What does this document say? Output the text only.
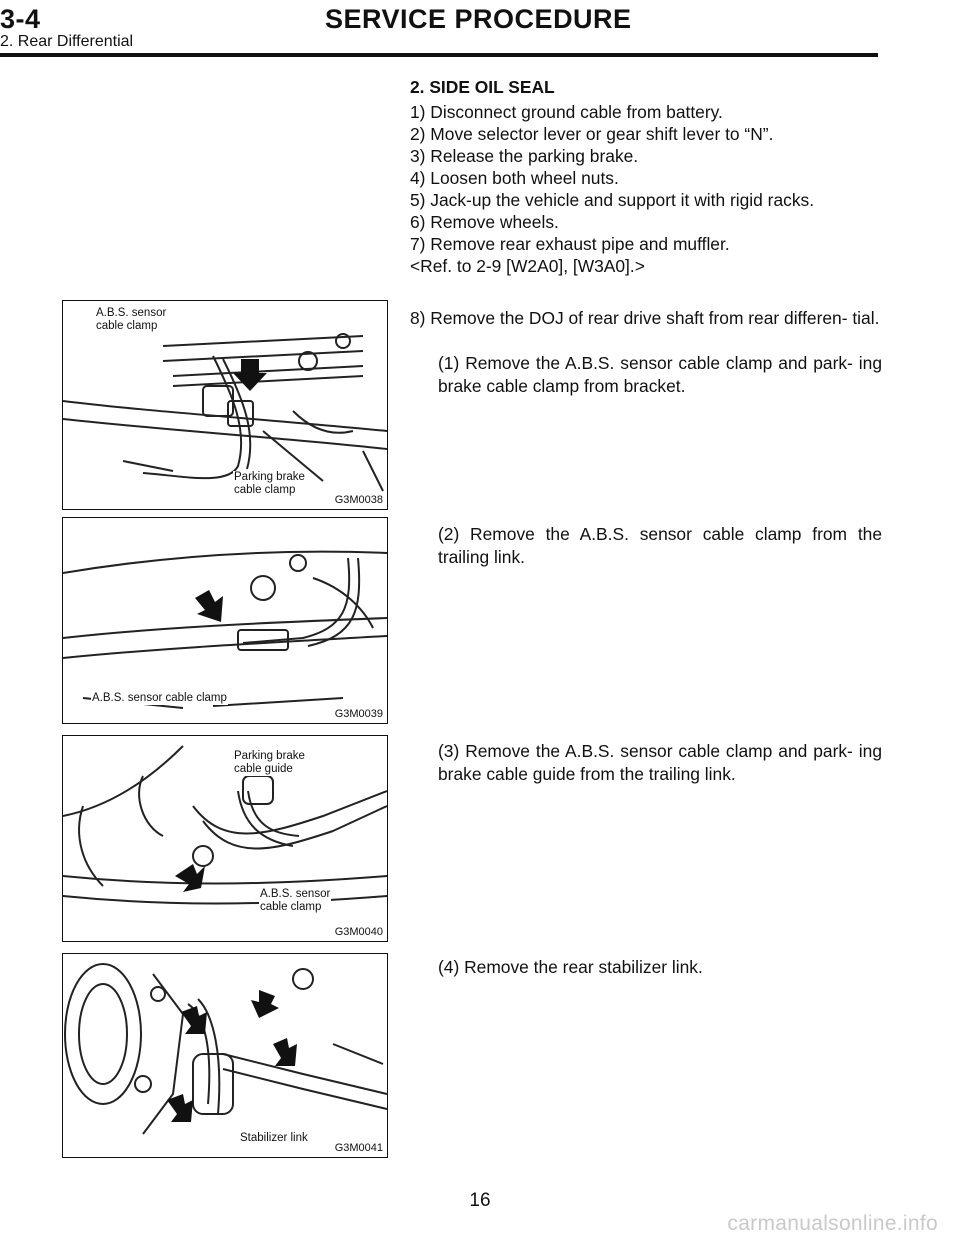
3-4	SERVICE PROCEDURE
2. Rear Differential
2. SIDE OIL SEAL
1) Disconnect ground cable from battery.
2) Move selector lever or gear shift lever to “N”.
3) Release the parking brake.
4) Loosen both wheel nuts.
5) Jack-up the vehicle and support it with rigid racks.
6) Remove wheels.
7) Remove rear exhaust pipe and muffler.
<Ref. to 2-9 [W2A0], [W3A0].>
8) Remove the DOJ of rear drive shaft from rear differen- tial.
(1) Remove the A.B.S. sensor cable clamp and park- ing brake cable clamp from bracket.
(2) Remove the A.B.S. sensor cable clamp from the trailing link.
(3) Remove the A.B.S. sensor cable clamp and park- ing brake cable guide from the trailing link.
(4) Remove the rear stabilizer link.
A.B.S. sensor
cable clamp
Parking brake
cable clamp
G3M0038
A.B.S. sensor cable clamp
G3M0039
Parking brake
cable guide
A.B.S. sensor
cable clamp
G3M0040
Stabilizer link
G3M0041
16
carmanualsonline.info
